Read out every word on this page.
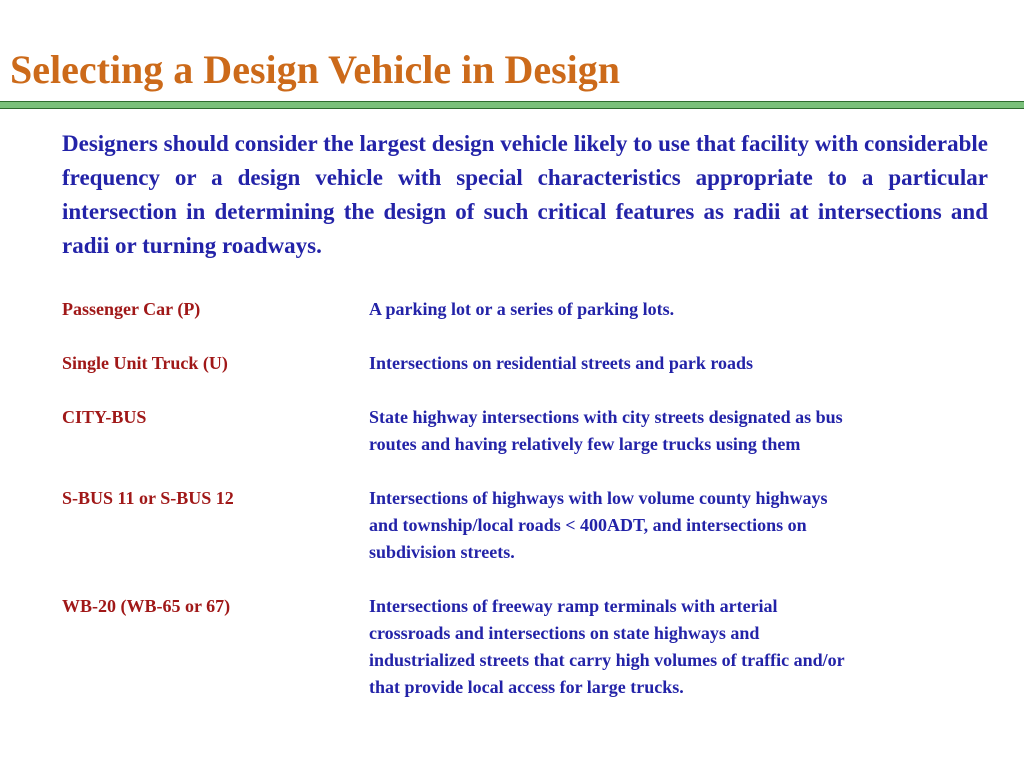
Selecting a Design Vehicle in Design

Designers should consider the largest design vehicle likely to use that facility with considerable frequency or a design vehicle with special characteristics appropriate to a particular intersection in determining the design of such critical features as radii at intersections and radii or turning roadways.

Passenger Car (P)	A parking lot or a series of parking lots.
Single Unit Truck (U)	Intersections on residential streets and park roads
CITY-BUS	State highway intersections with city streets designated as bus
routes and having relatively few large trucks using them
S-BUS 11 or S-BUS 12	Intersections of highways with low volume county highways
and township/local roads < 400ADT, and intersections on
subdivision streets.
WB-20 (WB-65 or 67)	Intersections of freeway ramp terminals with arterial
crossroads and intersections on state highways and
industrialized streets that carry high volumes of traffic and/or
that provide local access for large trucks.
